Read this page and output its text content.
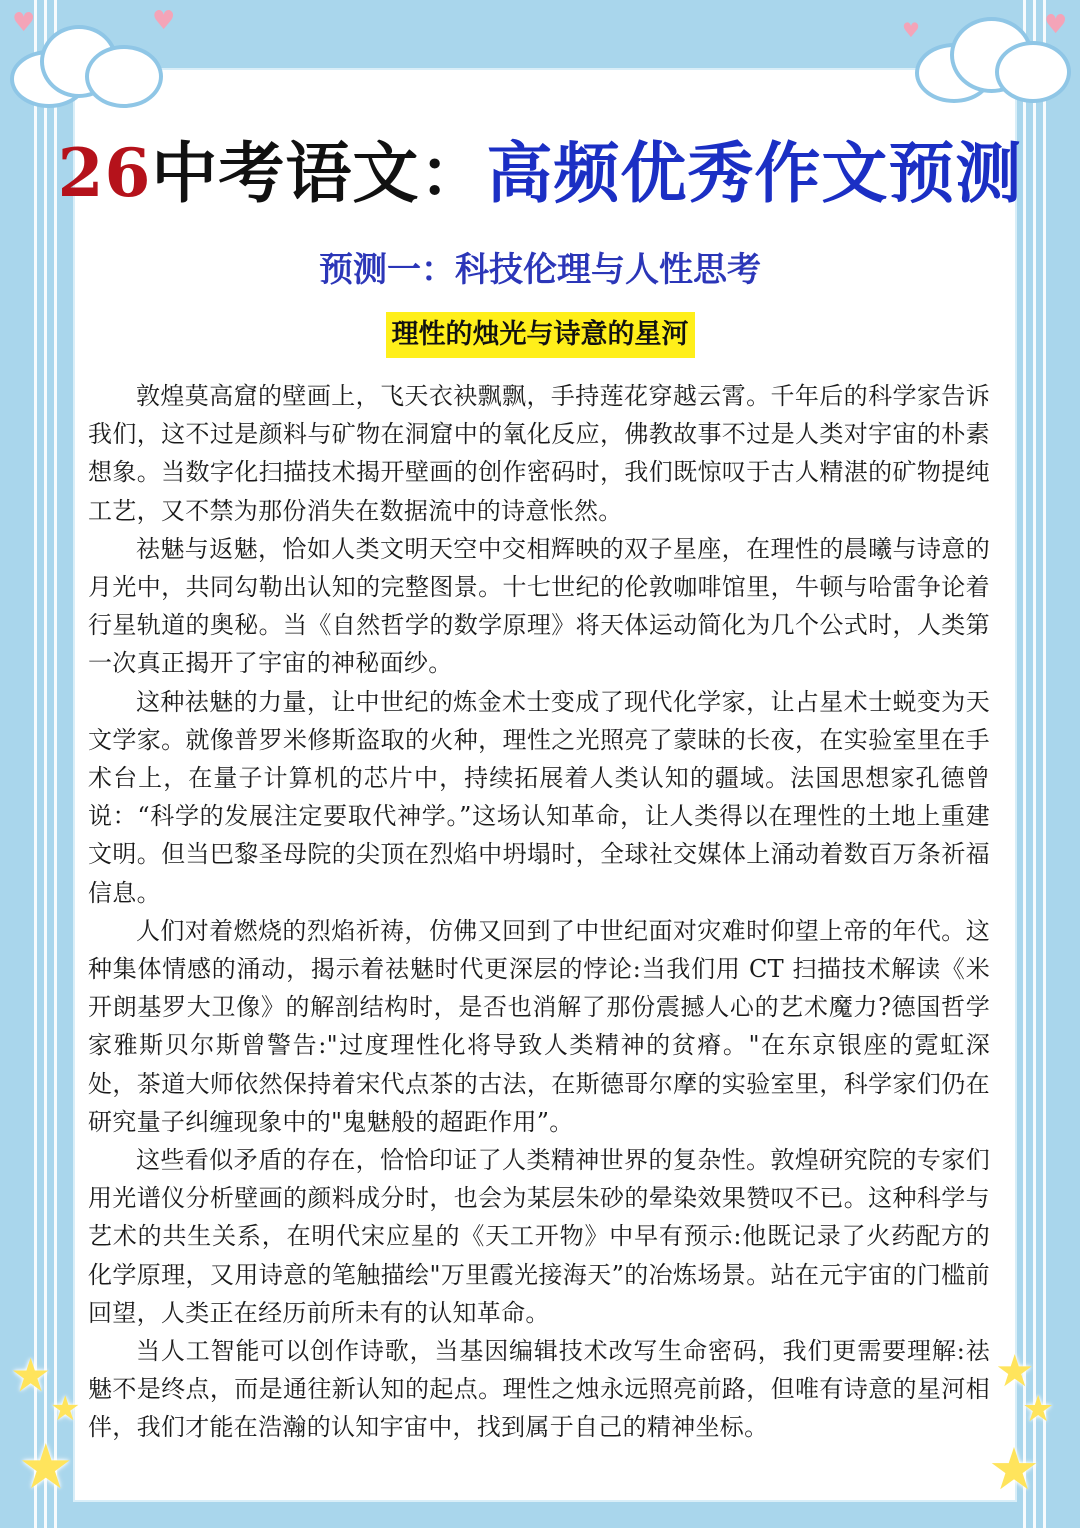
♥	♥	♥	♥
★
★
★
★
★
★
26中考语文：高频优秀作文预测
预测一：科技伦理与人性思考
理性的烛光与诗意的星河

敦煌莫高窟的壁画上，飞天衣袂飘飘，手持莲花穿越云霄。千年后的科学家告诉我们，这不过是颜料与矿物在洞窟中的氧化反应，佛教故事不过是人类对宇宙的朴素想象。当数字化扫描技术揭开壁画的创作密码时，我们既惊叹于古人精湛的矿物提纯工艺，又不禁为那份消失在数据流中的诗意怅然。

祛魅与返魅，恰如人类文明天空中交相辉映的双子星座，在理性的晨曦与诗意的月光中，共同勾勒出认知的完整图景。十七世纪的伦敦咖啡馆里，牛顿与哈雷争论着行星轨道的奥秘。当《自然哲学的数学原理》将天体运动简化为几个公式时，人类第一次真正揭开了宇宙的神秘面纱。

这种祛魅的力量，让中世纪的炼金术士变成了现代化学家，让占星术士蜕变为天文学家。就像普罗米修斯盗取的火种，理性之光照亮了蒙昧的长夜，在实验室里在手术台上，在量子计算机的芯片中，持续拓展着人类认知的疆域。法国思想家孔德曾说：“科学的发展注定要取代神学。”这场认知革命，让人类得以在理性的土地上重建文明。但当巴黎圣母院的尖顶在烈焰中坍塌时，全球社交媒体上涌动着数百万条祈福信息。

人们对着燃烧的烈焰祈祷，仿佛又回到了中世纪面对灾难时仰望上帝的年代。这种集体情感的涌动，揭示着祛魅时代更深层的悖论:当我们用 CT 扫描技术解读《米开朗基罗大卫像》的解剖结构时，是否也消解了那份震撼人心的艺术魔力?德国哲学家雅斯贝尔斯曾警告:"过度理性化将导致人类精神的贫瘠。"在东京银座的霓虹深处，茶道大师依然保持着宋代点茶的古法，在斯德哥尔摩的实验室里，科学家们仍在研究量子纠缠现象中的"鬼魅般的超距作用”。

这些看似矛盾的存在，恰恰印证了人类精神世界的复杂性。敦煌研究院的专家们用光谱仪分析壁画的颜料成分时，也会为某层朱砂的晕染效果赞叹不已。这种科学与艺术的共生关系，在明代宋应星的《天工开物》中早有预示:他既记录了火药配方的化学原理，又用诗意的笔触描绘"万里霞光接海天”的冶炼场景。站在元宇宙的门槛前回望，人类正在经历前所未有的认知革命。

当人工智能可以创作诗歌，当基因编辑技术改写生命密码，我们更需要理解:祛魅不是终点，而是通往新认知的起点。理性之烛永远照亮前路，但唯有诗意的星河相伴，我们才能在浩瀚的认知宇宙中，找到属于自己的精神坐标。
